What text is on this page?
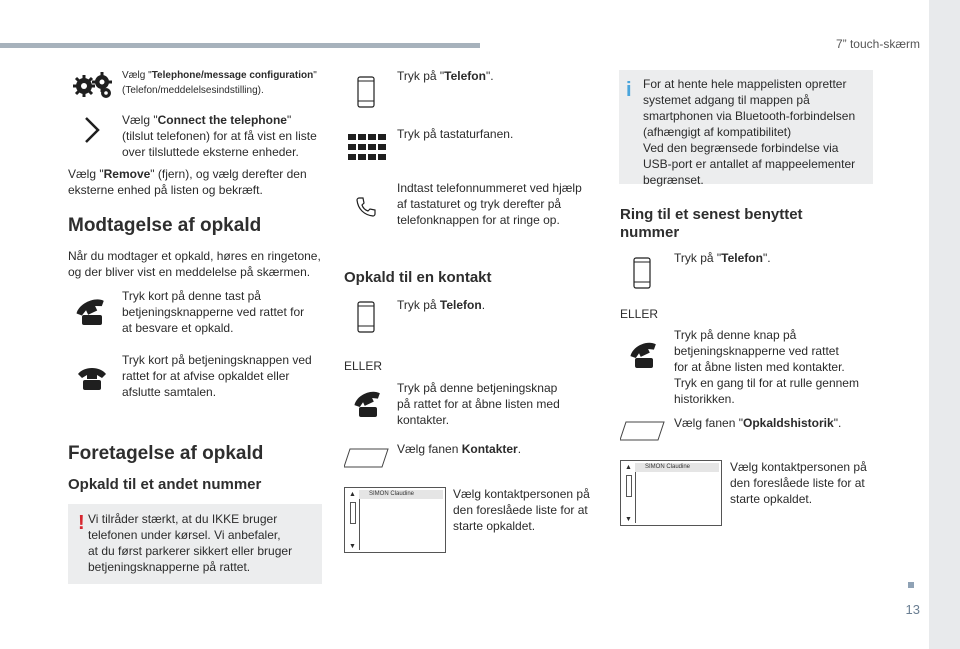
7” touch-skærm
13
Vælg "Telephone/message configuration"
(Telefon/meddelelsesindstilling).
Vælg "Connect the telephone"
(tilslut telefonen) for at få vist en liste
over tilsluttede eksterne enheder.
Vælg "Remove" (fjern), og vælg derefter den
eksterne enhed på listen og bekræft.
Modtagelse af opkald
Når du modtager et opkald, høres en ringetone,
og der bliver vist en meddelelse på skærmen.
Tryk kort på denne tast på
betjeningsknapperne ved rattet for
at besvare et opkald.
Tryk kort på betjeningsknappen ved
rattet for at afvise opkaldet eller
afslutte samtalen.
Foretagelse af opkald
Opkald til et andet nummer
! Vi tilråder stærkt, at du IKKE bruger
telefonen under kørsel. Vi anbefaler,
at du først parkerer sikkert eller bruger
betjeningsknapperne på rattet.
Tryk på "Telefon".
Tryk på tastaturfanen.
Indtast telefonnummeret ved hjælp
af tastaturet og tryk derefter på
telefonknappen for at ringe op.
Opkald til en kontakt
Tryk på Telefon.
ELLER
Tryk på denne betjeningsknap
på rattet for at åbne listen med
kontakter.
Vælg fanen Kontakter.
▲
▼
SIMON Claudine	Vælg kontaktpersonen på
den foreslåede liste for at
starte opkaldet.
i For at hente hele mappelisten opretter
systemet adgang til mappen på
smartphonen via Bluetooth-forbindelsen
(afhængigt af kompatibilitet)
Ved den begrænsede forbindelse via
USB-port er antallet af mappeelementer
begrænset.
Ring til et senest benyttet
nummer
Tryk på "Telefon".
ELLER
Tryk på denne knap på
betjeningsknapperne ved rattet
for at åbne listen med kontakter.
Tryk en gang til for at rulle gennem
historikken.
Vælg fanen "Opkaldshistorik".
▲
▼
SIMON Claudine	Vælg kontaktpersonen på
den foreslåede liste for at
starte opkaldet.
